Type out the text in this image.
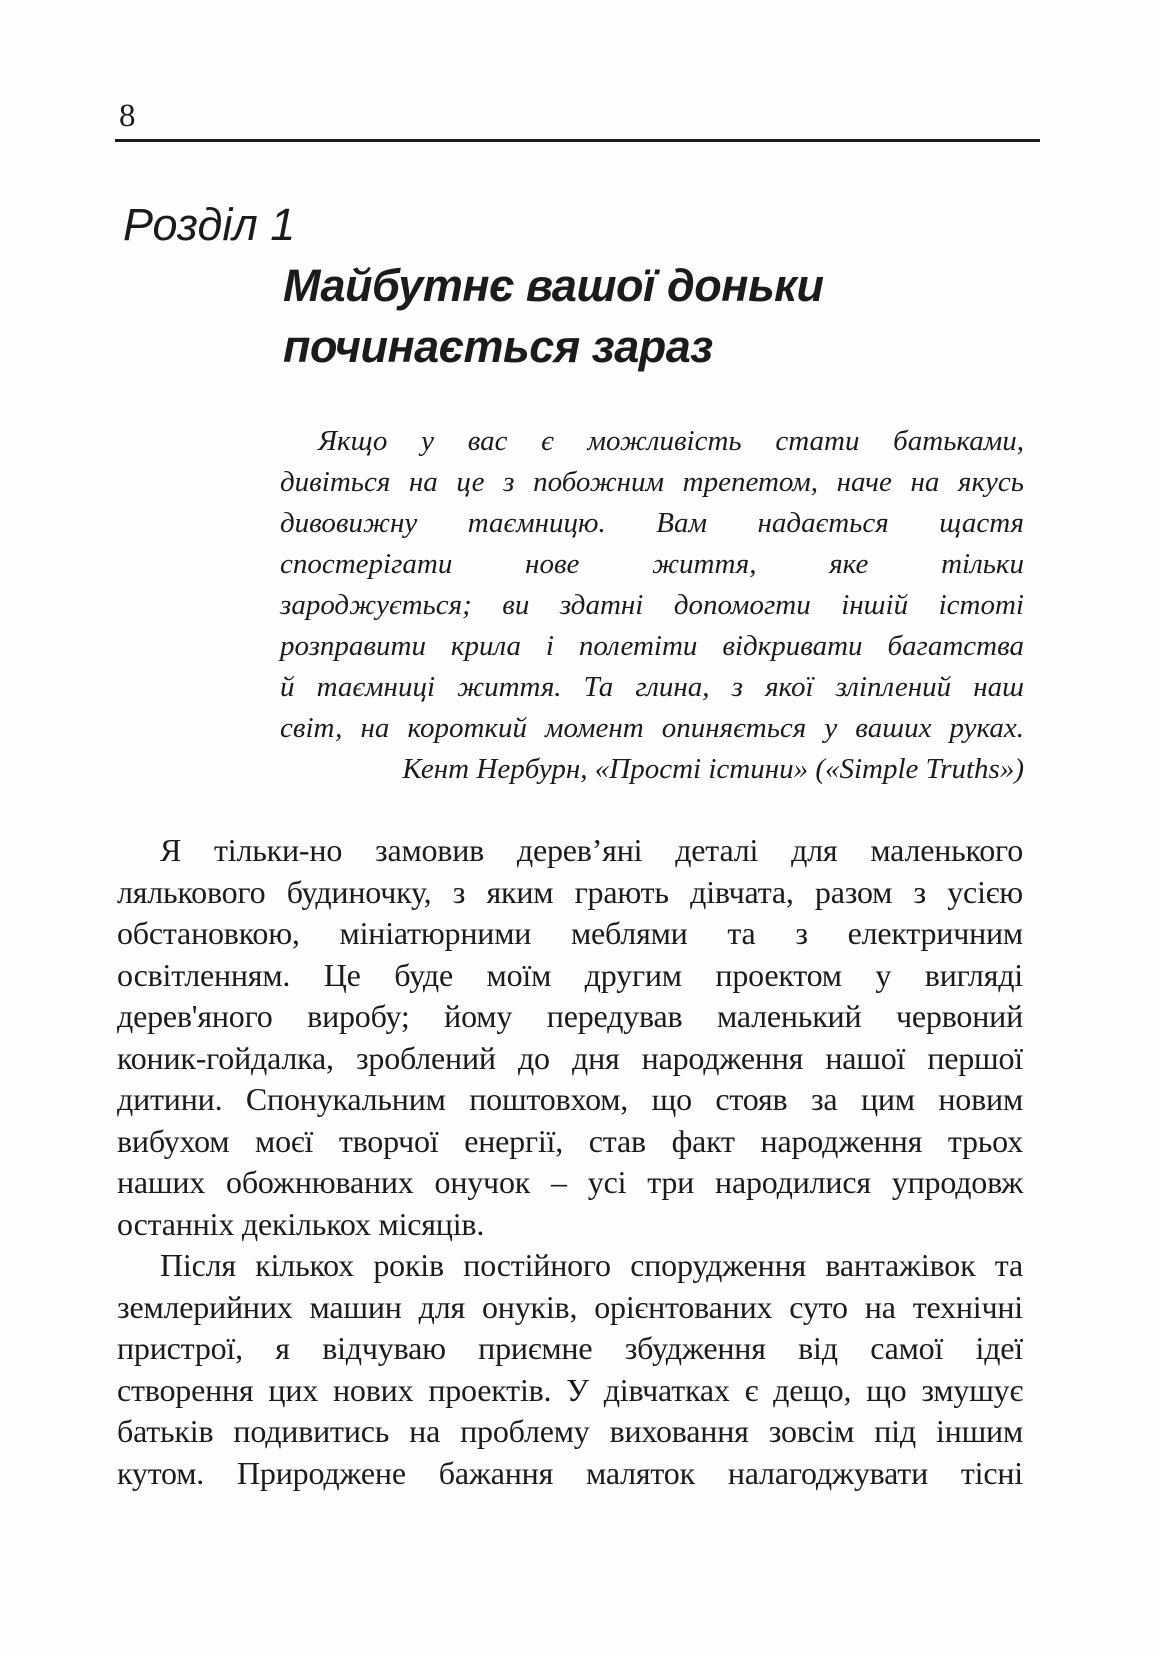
8
Розділ 1
Майбутнє вашої доньки
починається зараз
Якщо у вас є можливість стати батьками,
дивіться на це з побожним трепетом, наче на якусь
дивовижну таємницю. Вам надається щастя
спостерігати нове життя, яке тільки
зароджується; ви здатні допомогти іншій істоті
розправити крила і полетіти відкривати багатства
й таємниці життя. Та глина, з якої зліплений наш
світ, на короткий момент опиняється у ваших руках.
Кент Нербурн, «Прості істини» («Simple Truths»)
Я тільки-но замовив дерев’яні деталі для маленького
лялькового будиночку, з яким грають дівчата, разом з усією
обстановкою, мініатюрними меблями та з електричним
освітленням. Це буде моїм другим проектом у вигляді
дерев'яного виробу; йому передував маленький червоний
коник-гойдалка, зроблений до дня народження нашої першої
дитини. Спонукальним поштовхом, що стояв за цим новим
вибухом моєї творчої енергії, став факт народження трьох
наших обожнюваних онучок – усі три народилися упродовж
останніх декількох місяців.
Після кількох років постійного спорудження вантажівок та
землерийних машин для онуків, орієнтованих суто на технічні
пристрої, я відчуваю приємне збудження від самої ідеї
створення цих нових проектів. У дівчатках є дещо, що змушує
батьків подивитись на проблему виховання зовсім під іншим
кутом. Природжене бажання маляток налагоджувати тісні
